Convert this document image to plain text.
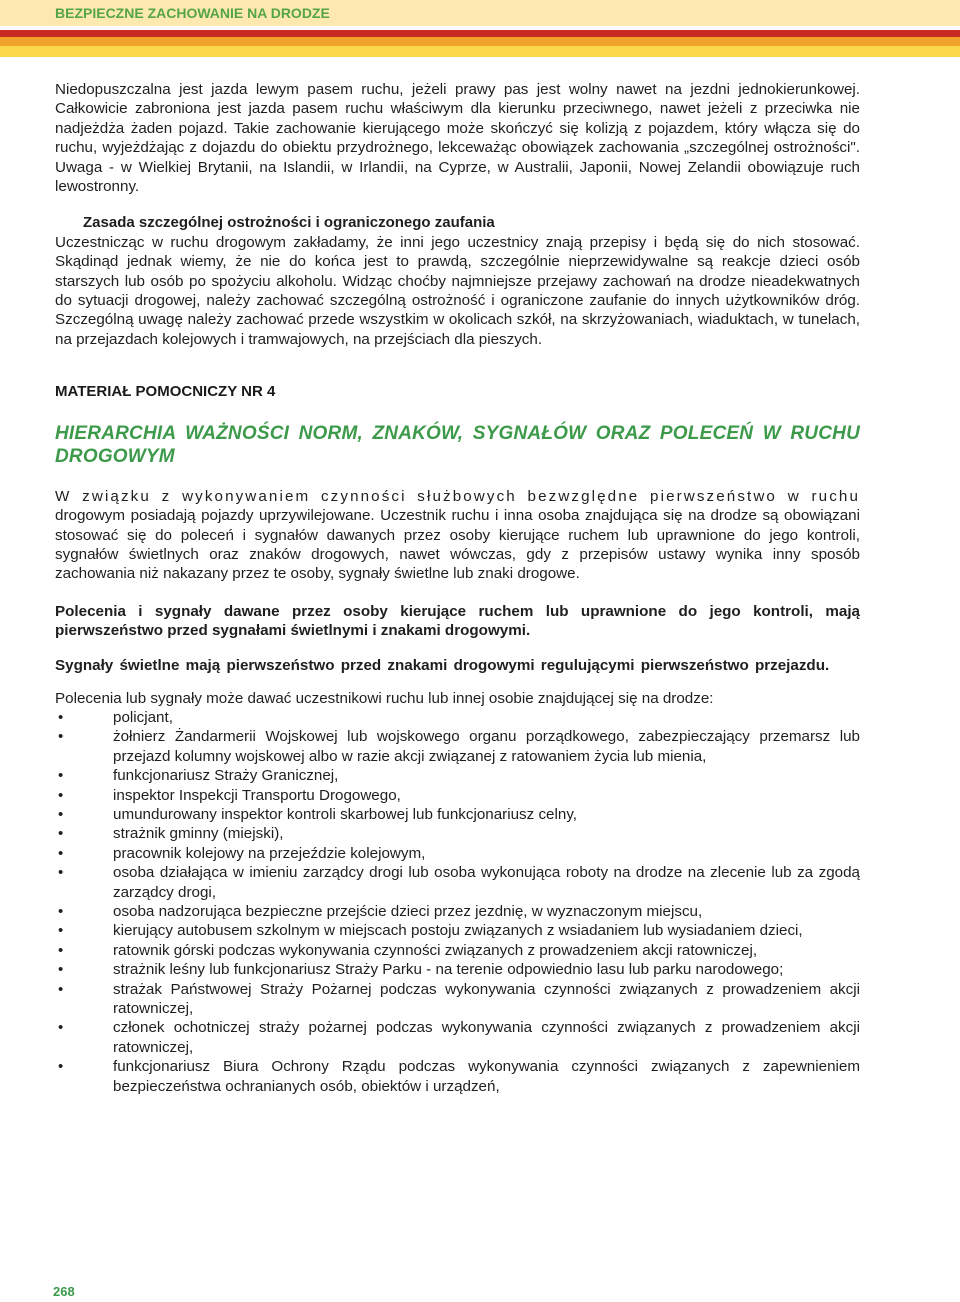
BEZPIECZNE ZACHOWANIE NA DRODZE

Niedopuszczalna jest jazda lewym pasem ruchu, jeżeli prawy pas jest wolny nawet na jezdni jednokierunkowej. Całkowicie zabroniona jest jazda pasem ruchu właściwym dla kierunku przeciwnego, nawet jeżeli z przeciwka nie nadjeżdża żaden pojazd. Takie zachowanie kierującego może skończyć się kolizją z pojazdem, który włącza się do ruchu, wyjeżdżając z dojazdu do obiektu przydrożnego, lekceważąc obowiązek zachowania „szczególnej ostrożności". Uwaga - w Wielkiej Brytanii, na Islandii, w Irlandii, na Cyprze, w Australii, Japonii, Nowej Zelandii obowiązuje ruch lewostronny.

Zasada szczególnej ostrożności i ograniczonego zaufania

Uczestnicząc w ruchu drogowym zakładamy, że inni jego uczestnicy znają przepisy i będą się do nich stosować. Skądinąd jednak wiemy, że nie do końca jest to prawdą, szczególnie nieprzewidywalne są reakcje dzieci osób starszych lub osób po spożyciu alkoholu. Widząc choćby najmniejsze przejawy zachowań na drodze nieadekwatnych do sytuacji drogowej, należy zachować szczególną ostrożność i ograniczone zaufanie do innych użytkowników dróg. Szczególną uwagę należy zachować przede wszystkim w okolicach szkół, na skrzyżowaniach, wiaduktach, w tunelach, na przejazdach kolejowych i tramwajowych, na przejściach dla pieszych.

MATERIAŁ POMOCNICZY NR 4

HIERARCHIA WAŻNOŚCI NORM, ZNAKÓW, SYGNAŁÓW ORAZ POLECEŃ W RUCHU DROGOWYM

W związku z wykonywaniem czynności służbowych bezwzględne pierwszeństwo w ruchu drogowym posiadają pojazdy uprzywilejowane. Uczestnik ruchu i inna osoba znajdująca się na drodze są obowiązani stosować się do poleceń i sygnałów dawanych przez osoby kierujące ruchem lub uprawnione do jego kontroli, sygnałów świetlnych oraz znaków drogowych, nawet wówczas, gdy z przepisów ustawy wynika inny sposób zachowania niż nakazany przez te osoby, sygnały świetlne lub znaki drogowe.

Polecenia i sygnały dawane przez osoby kierujące ruchem lub uprawnione do jego kontroli, mają pierwszeństwo przed sygnałami świetlnymi i znakami drogowymi.

Sygnały świetlne mają pierwszeństwo przed znakami drogowymi regulującymi pierwszeństwo przejazdu.

Polecenia lub sygnały może dawać uczestnikowi ruchu lub innej osobie znajdującej się na drodze:

•	policjant,
•	żołnierz Żandarmerii Wojskowej lub wojskowego organu porządkowego, zabezpieczający przemarsz lub przejazd kolumny wojskowej albo w razie akcji związanej z ratowaniem życia lub mienia,
•	funkcjonariusz Straży Granicznej,
•	inspektor Inspekcji Transportu Drogowego,
•	umundurowany inspektor kontroli skarbowej lub funkcjonariusz celny,
•	strażnik gminny (miejski),
•	pracownik kolejowy na przejeździe kolejowym,
•	osoba działająca w imieniu zarządcy drogi lub osoba wykonująca roboty na drodze na zlecenie lub za zgodą zarządcy drogi,
•	osoba nadzorująca bezpieczne przejście dzieci przez jezdnię, w wyznaczonym miejscu,
•	kierujący autobusem szkolnym w miejscach postoju związanych z wsiadaniem lub wysiadaniem dzieci,
•	ratownik górski podczas wykonywania czynności związanych z prowadzeniem akcji ratowniczej,
•	strażnik leśny lub funkcjonariusz Straży Parku - na terenie odpowiednio lasu lub parku narodowego;
•	strażak Państwowej Straży Pożarnej podczas wykonywania czynności związanych z prowadzeniem akcji ratowniczej,
•	członek ochotniczej straży pożarnej podczas wykonywania czynności związanych z prowadzeniem akcji ratowniczej,
•	funkcjonariusz Biura Ochrony Rządu podczas wykonywania czynności związanych z zapewnieniem bezpieczeństwa ochranianych osób, obiektów i urządzeń,
268
